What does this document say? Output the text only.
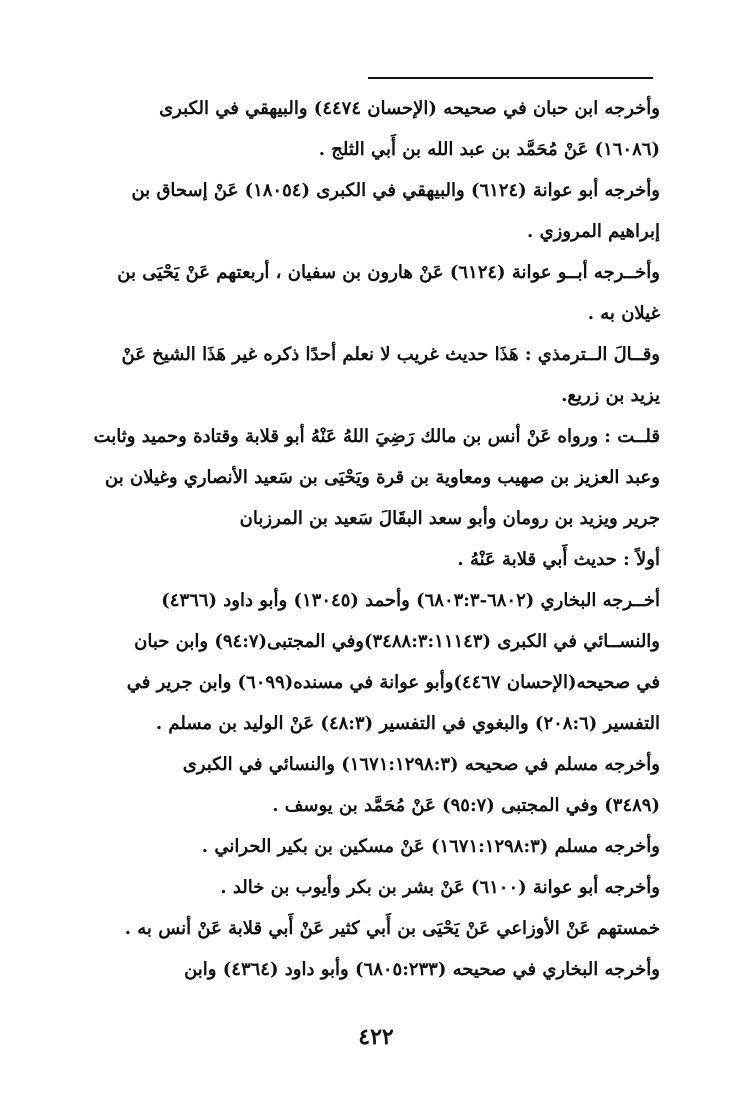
وأخرجه ابن حبان في صحيحه (الإحسان ٤٤٧٤) والبيهقي في الكبرى
(١٦٠٨٦) عَنْ مُحَمَّد بن عبد الله بن أَبي الثلج .
وأخرجه أبو عوانة (٦١٢٤) والبيهقي في الكبرى (١٨٠٥٤) عَنْ إسحاق بن
إبراهيم المروزي .
وأخــرجه أبــو عوانة (٦١٢٤) عَنْ هارون بن سفيان ، أربعتهم عَنْ يَحْيَى بن
غيلان به .
وقــالَ الــترمذي : هَذَا حديث غريب لا نعلم أحدًا ذكره غير هَذَا الشيخ عَنْ
يزيد بن زريع.
قلــت : ورواه عَنْ أنس بن مالك رَضِيَ اللهُ عَنْهُ أبو قلابة وقتادة وحميد وثابت
وعبد العزيز بن صهيب ومعاوية بن قرة ويَحْيَى بن سَعيد الأنصاري وغيلان بن
جرير ويزيد بن رومان وأبو سعد البقَالَ سَعيد بن المرزبان
أولاً : حديث أَبي قلابة عَنْهُ .
أخــرجه البخاري (٦٨٠٢-٦٨٠٣:٣) وأحمد (١٣٠٤٥) وأبو داود (٤٣٦٦)
والنســائي في الكبرى (٣٤٨٨:٣:١١١٤٣)وفي المجتبى(٩٤:٧) وابن حبان
في صحيحه(الإحسان ٤٤٦٧)وأبو عوانة في مسنده(٦٠٩٩) وابن جرير في
التفسير (٢٠٨:٦) والبغوي في التفسير (٤٨:٣) عَنْ الوليد بن مسلم .
وأخرجه مسلم في صحيحه (١٦٧١:١٢٩٨:٣) والنسائي في الكبرى
(٣٤٨٩) وفي المجتبى (٩٥:٧) عَنْ مُحَمَّد بن يوسف .
وأخرجه مسلم (١٦٧١:١٢٩٨:٣) عَنْ مسكين بن بكير الحراني .
وأخرجه أبو عوانة (٦١٠٠) عَنْ بشر بن بكر وأيوب بن خالد .
خمستهم عَنْ الأوزاعي عَنْ يَحْيَى بن أَبي كثير عَنْ أَبي قلابة عَنْ أنس به .
وأخرجه البخاري في صحيحه (٦٨٠٥:٢٣٣) وأبو داود (٤٣٦٤) وابن
٤٢٢
